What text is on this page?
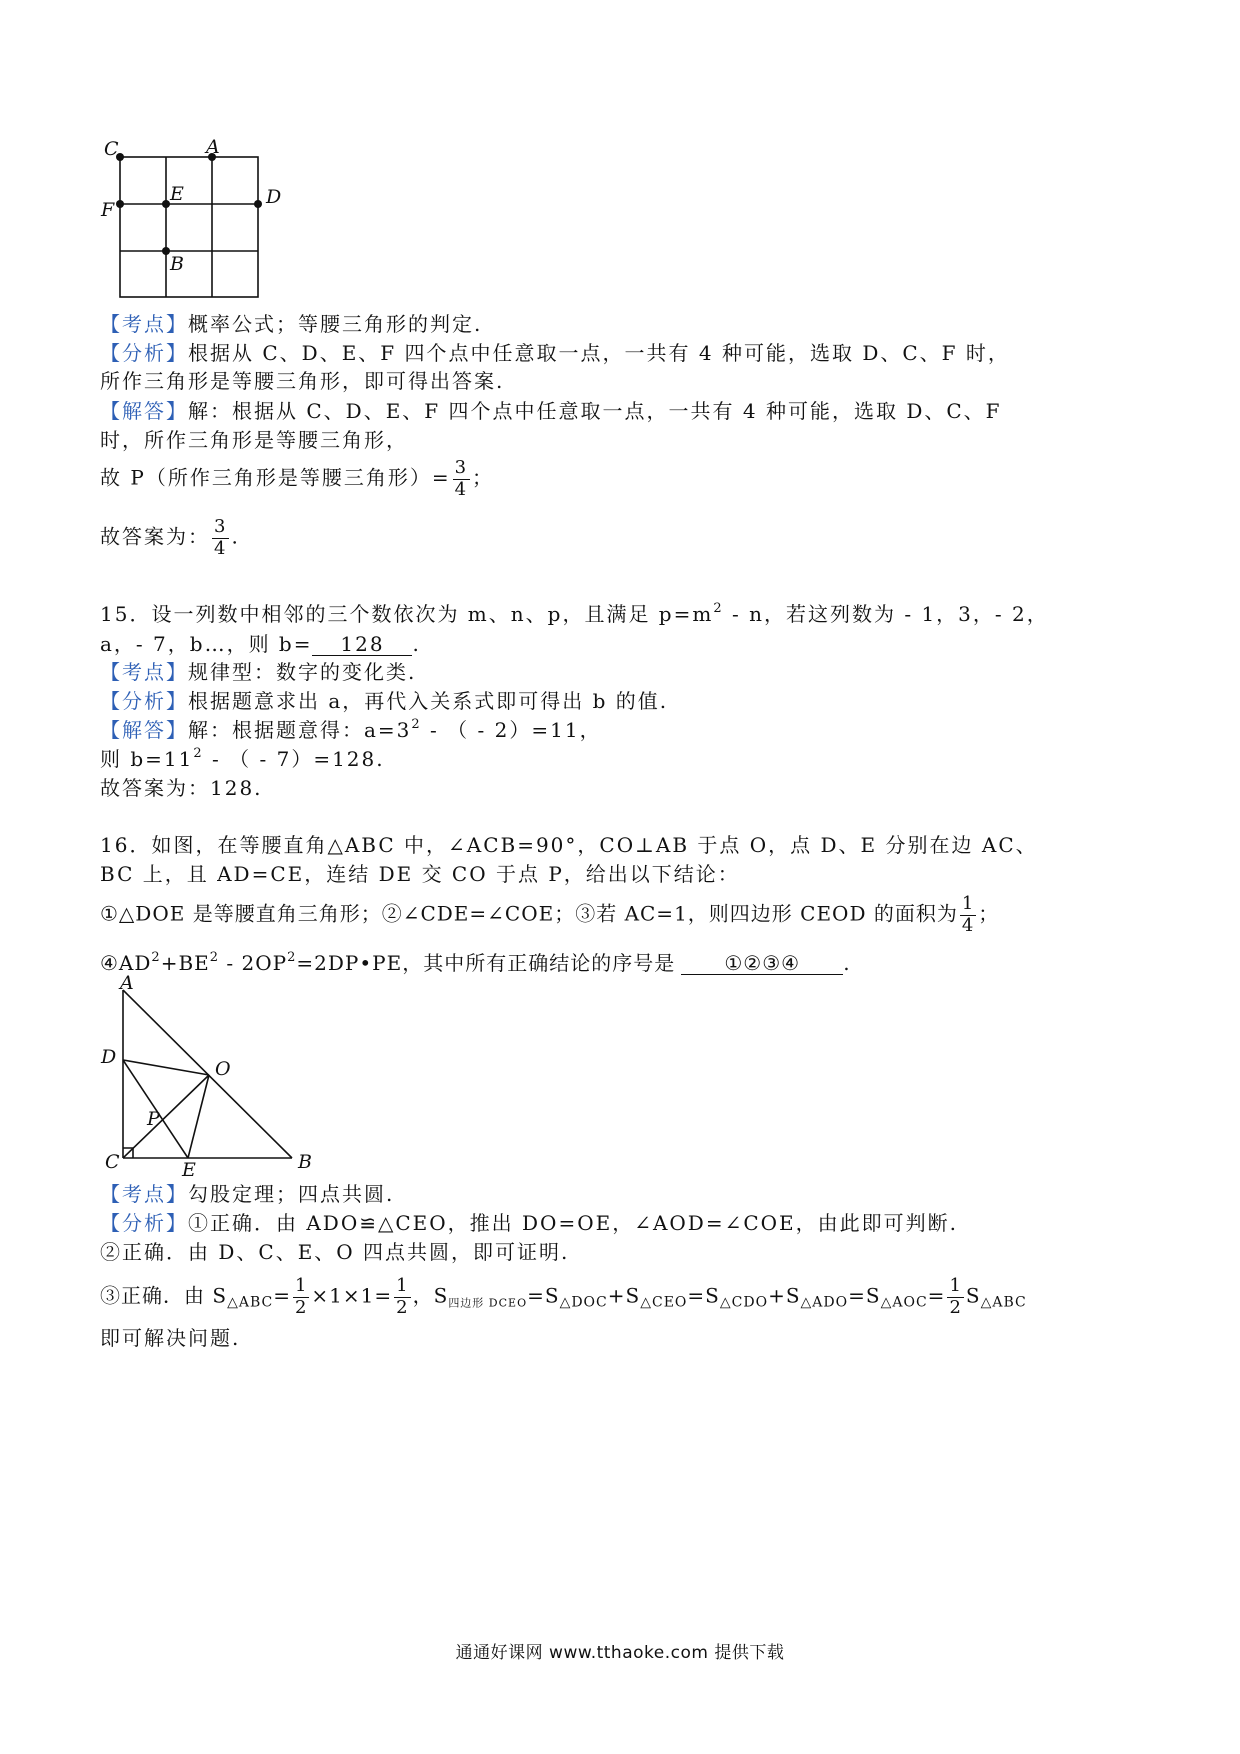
C	A
E	D
F
B
【考点】概率公式；等腰三角形的判定.
【分析】根据从 C、D、E、F 四个点中任意取一点，一共有 4 种可能，选取 D、C、F 时，
所作三角形是等腰三角形，即可得出答案.
【解答】解：根据从 C、D、E、F 四个点中任意取一点，一共有 4 种可能，选取 D、C、F
时，所作三角形是等腰三角形，
故 P（所作三角形是等腰三角形）= $\frac{3}{4}$ ；
故答案为： $\frac{3}{4}$ .
15．设一列数中相邻的三个数依次为 m、n、p，且满足 $p=m^2 - n$，若这列数为 - 1，3，- 2，
a，- 7，b…，则 b= 128 .
【考点】规律型：数字的变化类.
【分析】根据题意求出 a，再代入关系式即可得出 b 的值.
【解答】解：根据题意得：$a=3^2$ - （ - 2）=11，
则 $b=11^2$ - （ - 7）=128.
故答案为：128.
16．如图，在等腰直角△ABC 中，∠ACB=90°，CO⊥AB 于点 O，点 D、E 分别在边 AC、
BC 上，且 AD=CE，连结 DE 交 CO 于点 P，给出以下结论：
①△DOE 是等腰直角三角形；②∠CDE=∠COE；③若 AC=1，则四边形 CEOD 的面积为 $\frac{1}{4}$ ；
$④AD^2+BE^2$ - $2OP^2=2DP•PE$，其中所有正确结论的序号是 ①②③④ .
A
D
O
P
C	E	B
【考点】勾股定理；四点共圆.
【分析】①正确．由 ADO≌△CEO，推出 DO=OE，∠AOD=∠COE，由此即可判断.
②正确．由 D、C、E、O 四点共圆，即可证明.
③正确．由 $S_{\triangle ABC}= \frac{1}{2} \times 1\times 1= \frac{1}{2}$ ，$S_{四边形 DCEO}=S_{\triangle DOC}+S_{\triangle CEO}=S_{\triangle CDO}+S_{\triangle ADO}=S_{\triangle AOC}= \frac{1}{2} S_{\triangle ABC}$
即可解决问题.
通通好课网 www.tthaoke.com 提供下载
